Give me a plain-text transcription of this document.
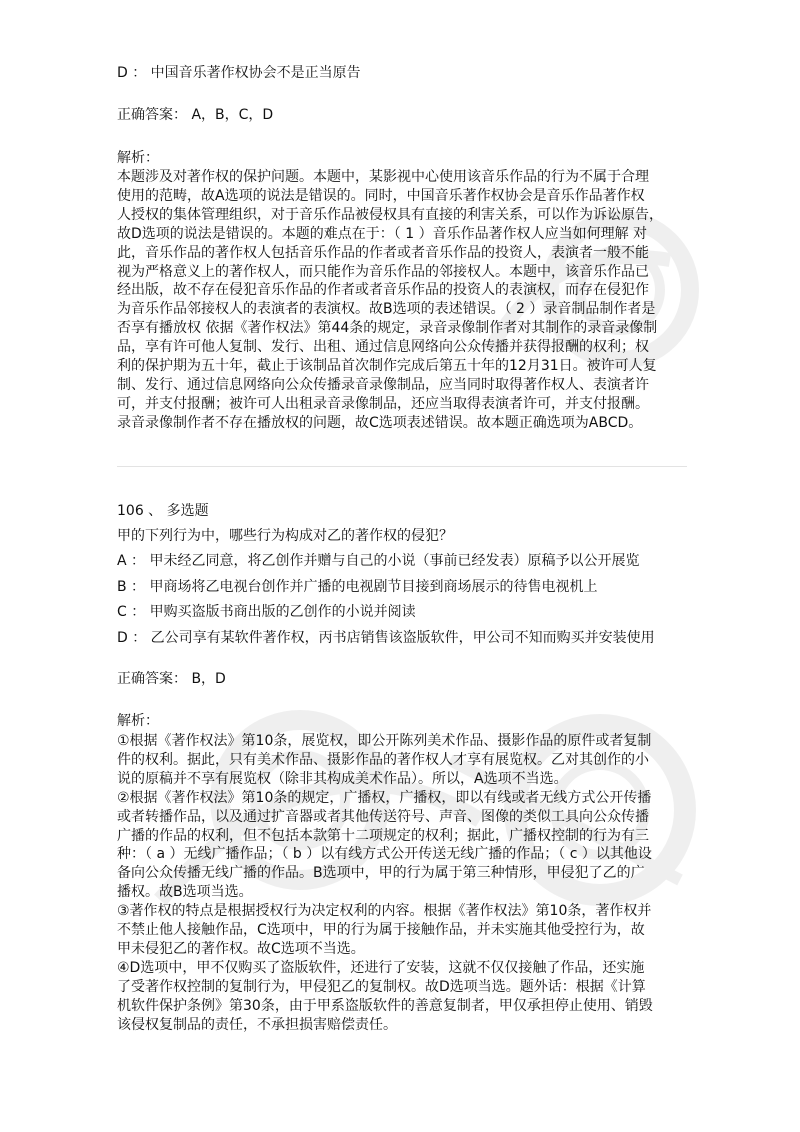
D ： 中国音乐著作权协会不是正当原告
正确答案： A，B，C，D
解析：
本题涉及对著作权的保护问题。本题中，某影视中心使用该音乐作品的行为不属于合理
使用的范畴，故A选项的说法是错误的。同时，中国音乐著作权协会是音乐作品著作权
人授权的集体管理组织，对于音乐作品被侵权具有直接的利害关系，可以作为诉讼原告，
故D选项的说法是错误的。本题的难点在于：（ 1 ）音乐作品著作权人应当如何理解 对
此，音乐作品的著作权人包括音乐作品的作者或者音乐作品的投资人，表演者一般不能
视为严格意义上的著作权人，而只能作为音乐作品的邻接权人。本题中，该音乐作品已
经出版，故不存在侵犯音乐作品的作者或者音乐作品的投资人的表演权，而存在侵犯作
为音乐作品邻接权人的表演者的表演权。故B选项的表述错误。（ 2 ）录音制品制作者是
否享有播放权 依据《著作权法》第44条的规定，录音录像制作者对其制作的录音录像制
品，享有许可他人复制、发行、出租、通过信息网络向公众传播并获得报酬的权利；权
利的保护期为五十年，截止于该制品首次制作完成后第五十年的12月31日。被许可人复
制、发行、通过信息网络向公众传播录音录像制品，应当同时取得著作权人、表演者许
可，并支付报酬；被许可人出租录音录像制品，还应当取得表演者许可，并支付报酬。
录音录像制作者不存在播放权的问题，故C选项表述错误。故本题正确选项为ABCD。
106 、 多选题
甲的下列行为中，哪些行为构成对乙的著作权的侵犯？
A ： 甲未经乙同意，将乙创作并赠与自己的小说（事前已经发表）原稿予以公开展览
B ： 甲商场将乙电视台创作并广播的电视剧节目接到商场展示的待售电视机上
C ： 甲购买盗版书商出版的乙创作的小说并阅读
D ： 乙公司享有某软件著作权，丙书店销售该盗版软件，甲公司不知而购买并安装使用
正确答案： B，D
解析：
①根据《著作权法》第10条，展览权，即公开陈列美术作品、摄影作品的原件或者复制
件的权利。据此，只有美术作品、摄影作品的著作权人才享有展览权。乙对其创作的小
说的原稿并不享有展览权（除非其构成美术作品）。所以，A选项不当选。
②根据《著作权法》第10条的规定，广播权，广播权，即以有线或者无线方式公开传播
或者转播作品，以及通过扩音器或者其他传送符号、声音、图像的类似工具向公众传播
广播的作品的权利，但不包括本款第十二项规定的权利；据此，广播权控制的行为有三
种：（ a ）无线广播作品；（ b ）以有线方式公开传送无线广播的作品；（ c ）以其他设
备向公众传播无线广播的作品。B选项中，甲的行为属于第三种情形，甲侵犯了乙的广
播权。故B选项当选。
③著作权的特点是根据授权行为决定权利的内容。根据《著作权法》第10条，著作权并
不禁止他人接触作品，C选项中，甲的行为属于接触作品，并未实施其他受控行为，故
甲未侵犯乙的著作权。故C选项不当选。
④D选项中，甲不仅购买了盗版软件，还进行了安装，这就不仅仅接触了作品，还实施
了受著作权控制的复制行为，甲侵犯乙的复制权。故D选项当选。题外话：根据《计算
机软件保护条例》第30条，由于甲系盗版软件的善意复制者，甲仅承担停止使用、销毁
该侵权复制品的责任，不承担损害赔偿责任。
